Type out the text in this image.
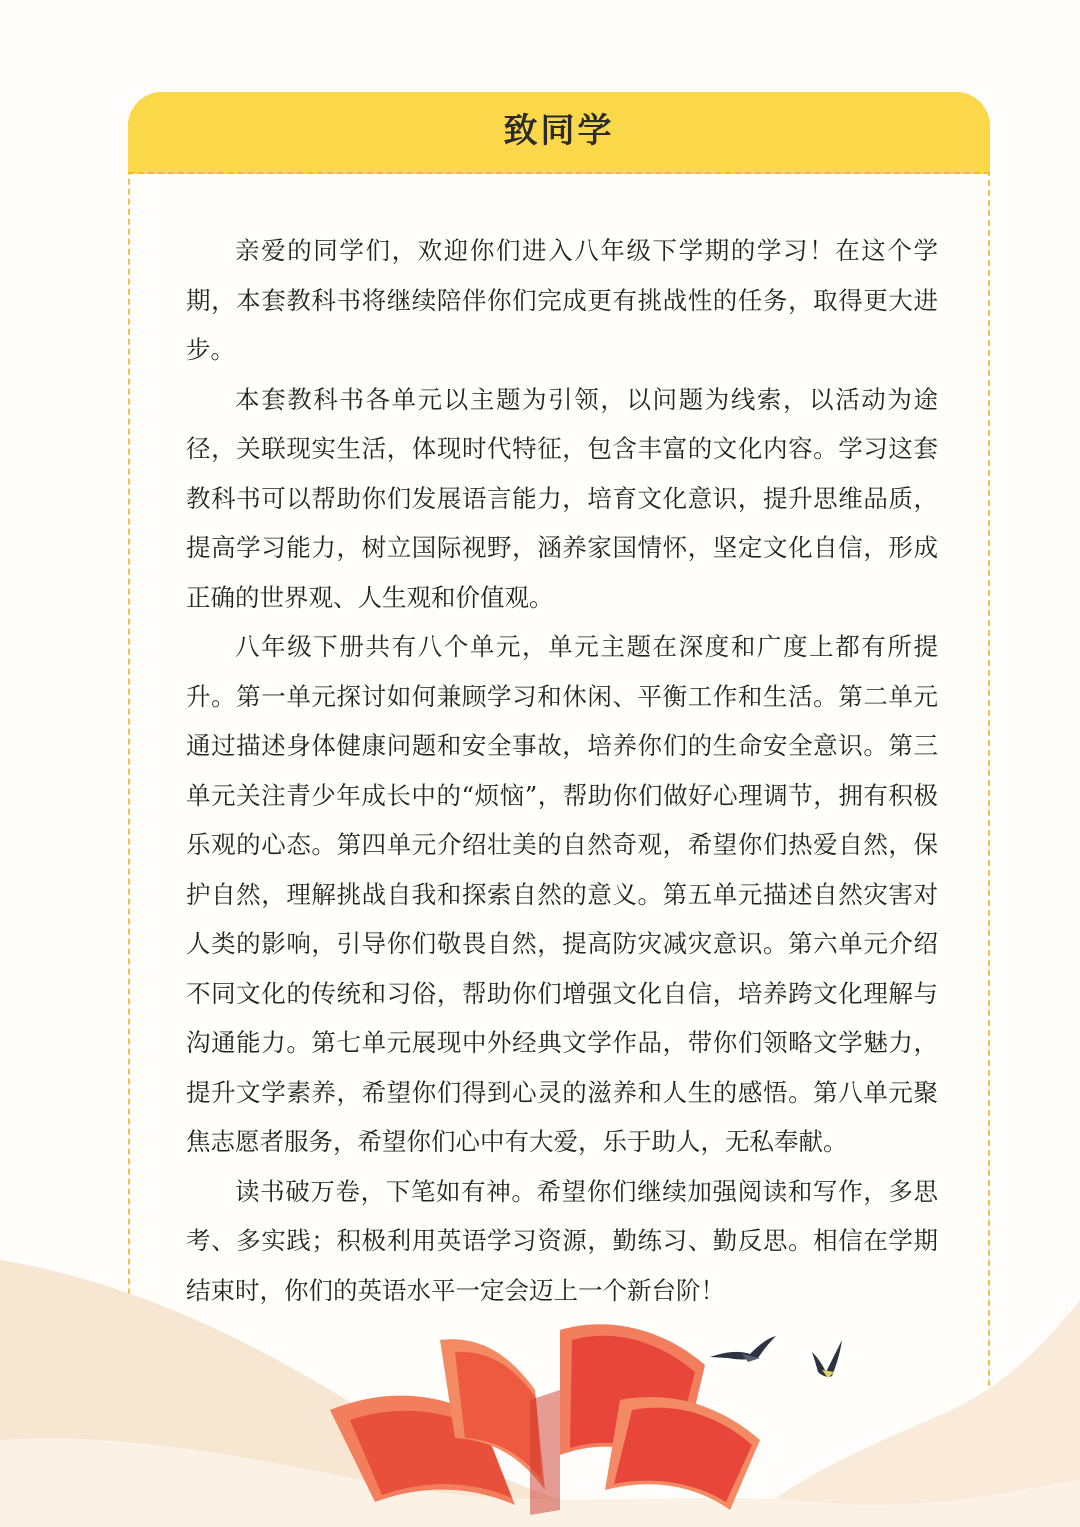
致同学

亲爱的同学们，欢迎你们进入八年级下学期的学习！在这个学期，本套教科书将继续陪伴你们完成更有挑战性的任务，取得更大进步。

本套教科书各单元以主题为引领，以问题为线索，以活动为途径，关联现实生活，体现时代特征，包含丰富的文化内容。学习这套教科书可以帮助你们发展语言能力，培育文化意识，提升思维品质，提高学习能力，树立国际视野，涵养家国情怀，坚定文化自信，形成正确的世界观、人生观和价值观。

八年级下册共有八个单元，单元主题在深度和广度上都有所提升。第一单元探讨如何兼顾学习和休闲、平衡工作和生活。第二单元通过描述身体健康问题和安全事故，培养你们的生命安全意识。第三单元关注青少年成长中的“烦恼”，帮助你们做好心理调节，拥有积极乐观的心态。第四单元介绍壮美的自然奇观，希望你们热爱自然，保护自然，理解挑战自我和探索自然的意义。第五单元描述自然灾害对人类的影响，引导你们敬畏自然，提高防灾减灾意识。第六单元介绍不同文化的传统和习俗，帮助你们增强文化自信，培养跨文化理解与沟通能力。第七单元展现中外经典文学作品，带你们领略文学魅力，提升文学素养，希望你们得到心灵的滋养和人生的感悟。第八单元聚焦志愿者服务，希望你们心中有大爱，乐于助人，无私奉献。

读书破万卷，下笔如有神。希望你们继续加强阅读和写作，多思考、多实践；积极利用英语学习资源，勤练习、勤反思。相信在学期结束时，你们的英语水平一定会迈上一个新台阶！
